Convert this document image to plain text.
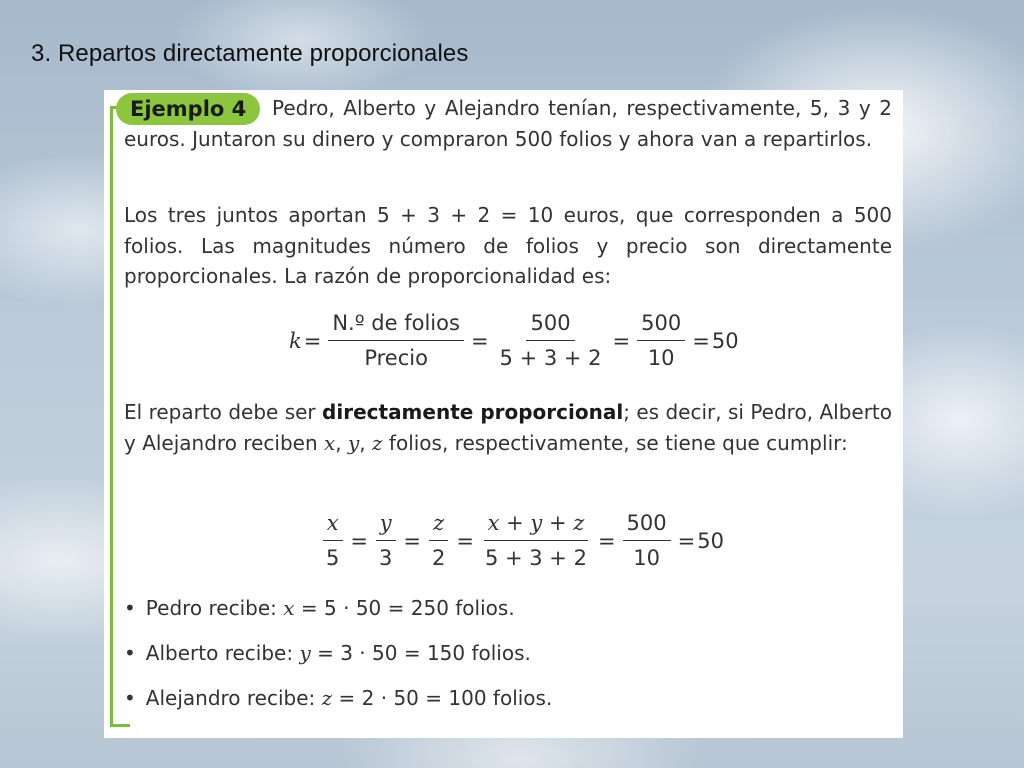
3. Repartos directamente proporcionales

Pedro, Alberto y Alejandro tenían, respectivamente, 5, 3 y 2 euros. Juntaron su dinero y compraron 500 folios y ahora van a repartirlos.

Ejemplo 4

Los tres juntos aportan 5 + 3 + 2 = 10 euros, que corresponden a 500 folios. Las magnitudes número de folios y precio son directamente proporcionales. La razón de proporcionalidad es:

$k = \frac{\text{N.º de folios}}{\text{Precio}} = \frac{500}{5 + 3 + 2} = \frac{500}{10} = 50$

El reparto debe ser directamente proporcional; es decir, si Pedro, Alberto y Alejandro reciben x, y, z folios, respectivamente, se tiene que cumplir:

$\frac{x}{5} = \frac{y}{3} = \frac{z}{2} = \frac{x + y + z}{5 + 3 + 2} = \frac{500}{10} = 50$
• Pedro recibe: x = 5 · 50 = 250 folios.
• Alberto recibe: y = 3 · 50 = 150 folios.
• Alejandro recibe: z = 2 · 50 = 100 folios.
